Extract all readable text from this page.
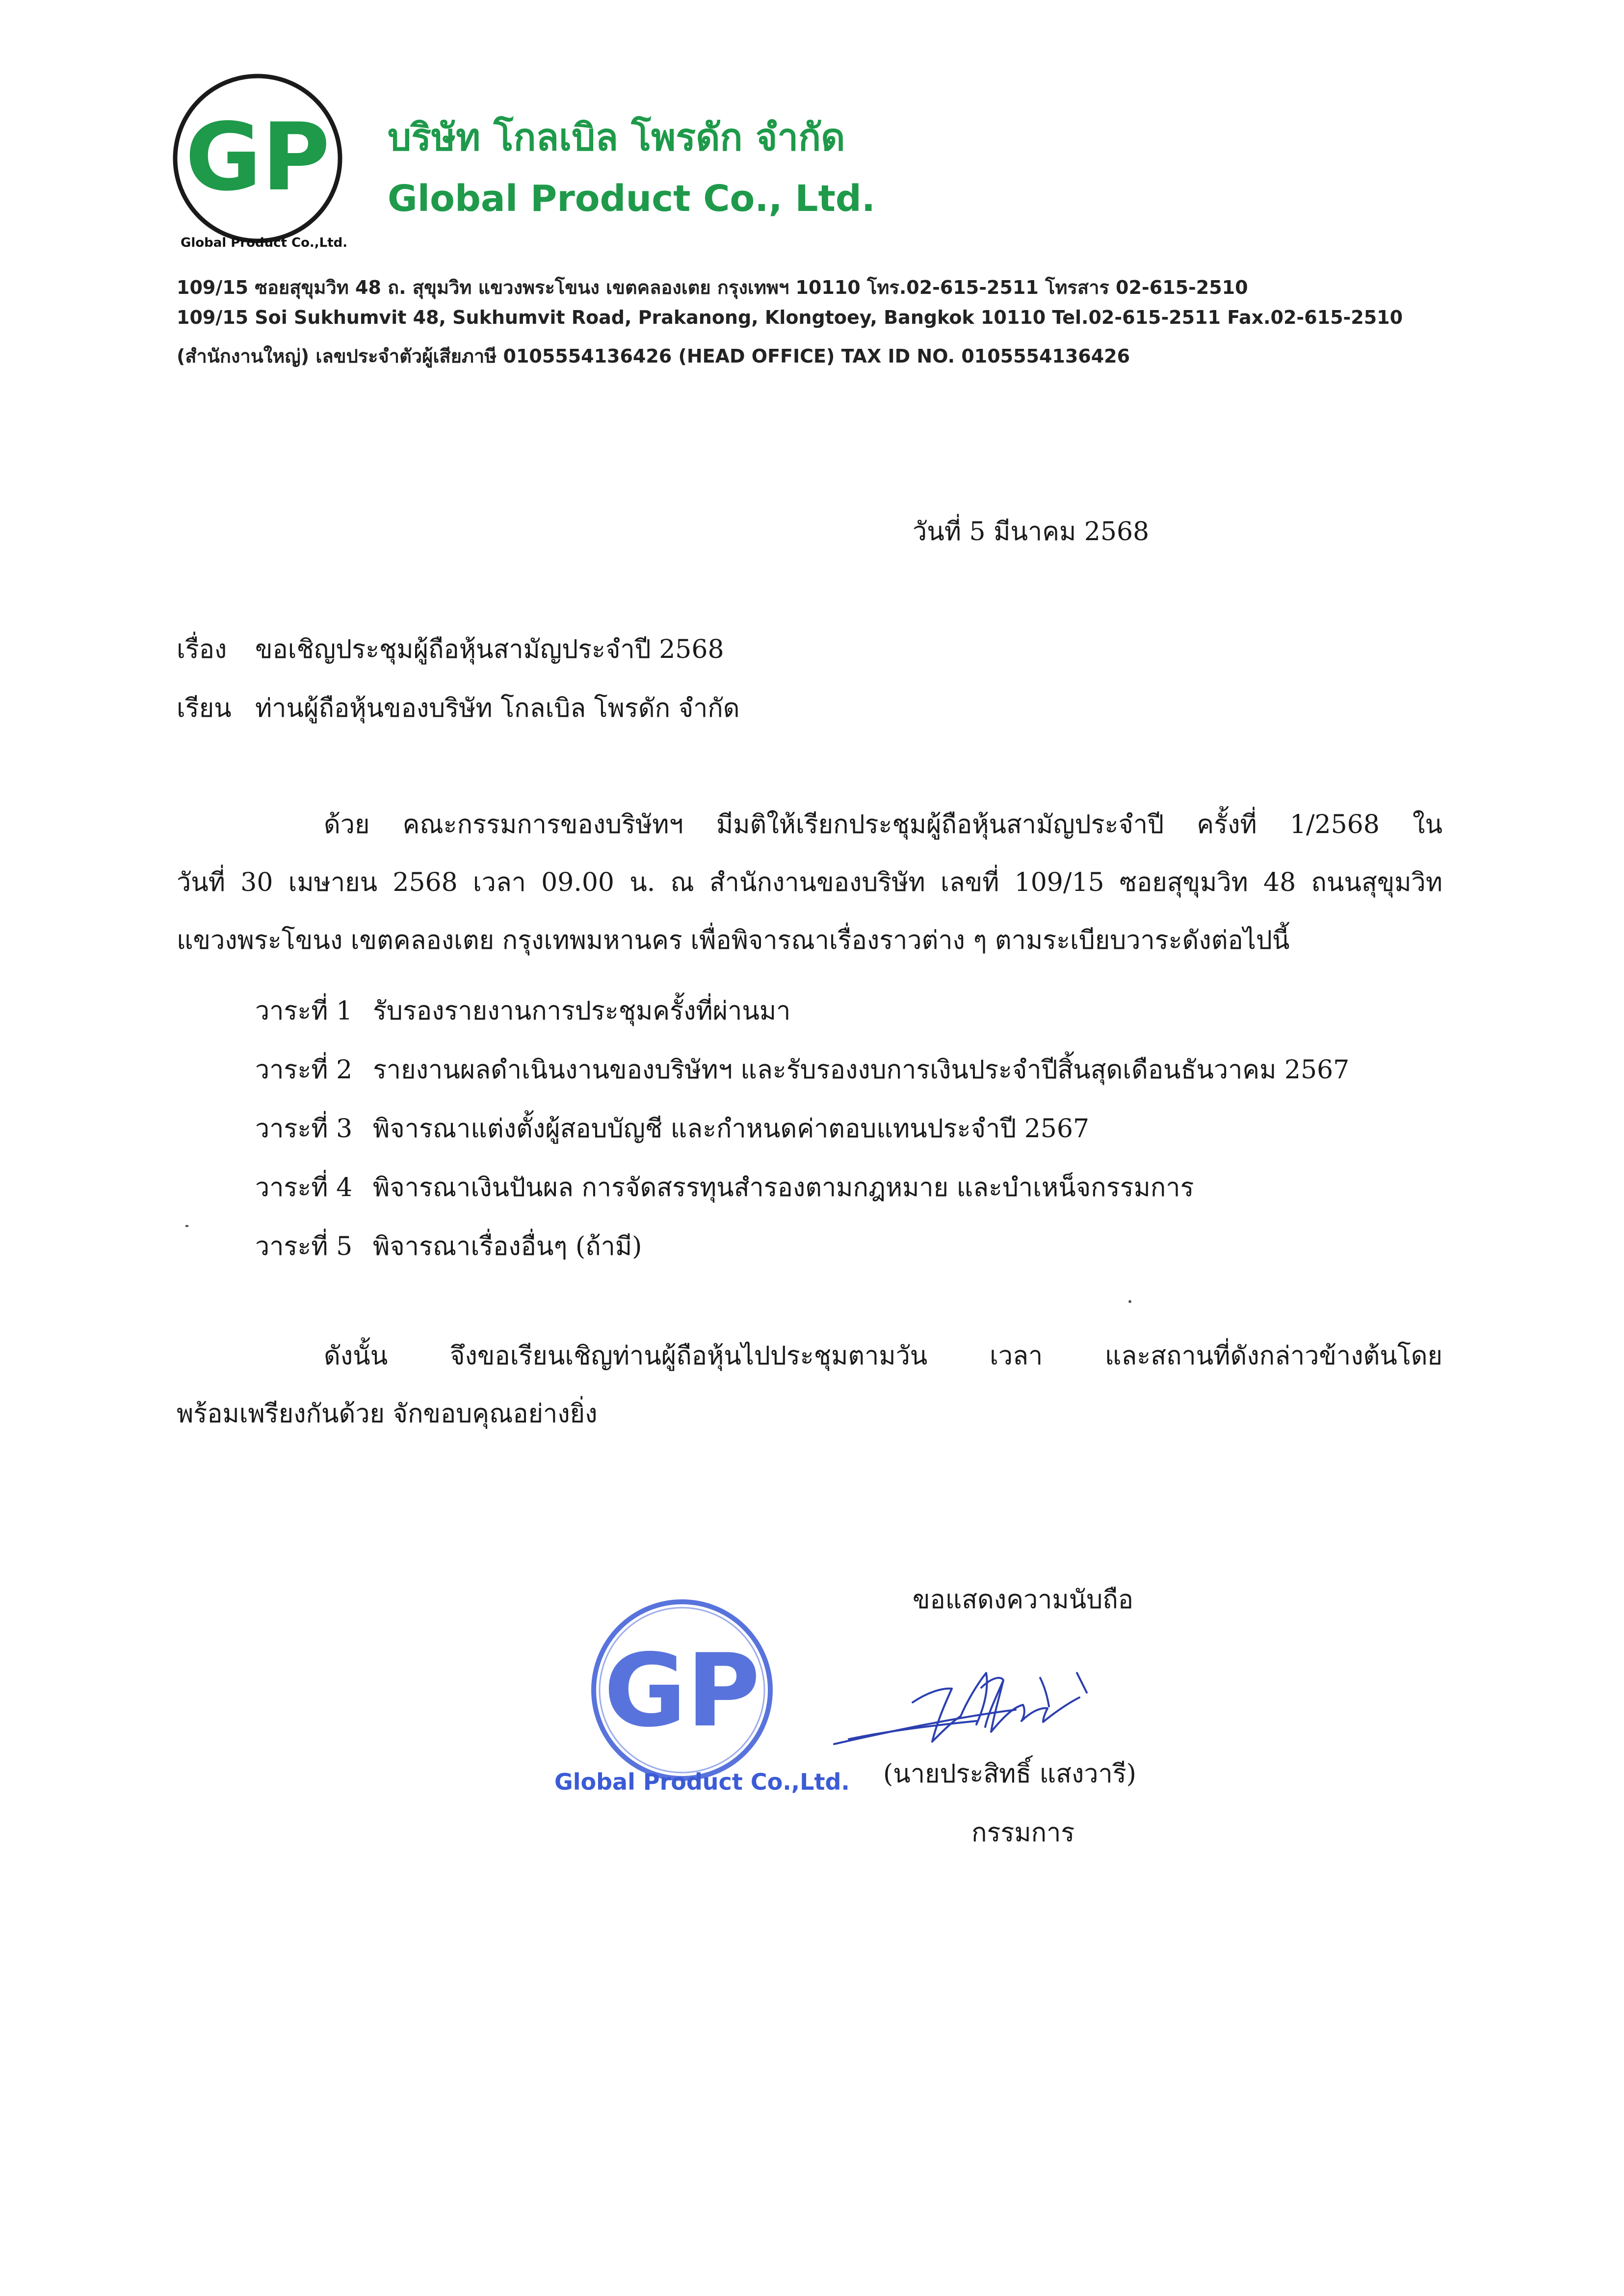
GP
Global Product Co.,Ltd.
บริษัท โกลเบิล โพรดัก จำกัด
Global Product Co., Ltd.
109/15 ซอยสุขุมวิท 48 ถ. สุขุมวิท แขวงพระโขนง เขตคลองเตย กรุงเทพฯ 10110 โทร.02-615-2511 โทรสาร 02-615-2510
109/15 Soi Sukhumvit 48, Sukhumvit Road, Prakanong, Klongtoey, Bangkok 10110 Tel.02-615-2511 Fax.02-615-2510
(สำนักงานใหญ่) เลขประจำตัวผู้เสียภาษี 0105554136426 (HEAD OFFICE) TAX ID NO. 0105554136426
วันที่ 5 มีนาคม 2568
เรื่อง ขอเชิญประชุมผู้ถือหุ้นสามัญประจำปี 2568
เรียน ท่านผู้ถือหุ้นของบริษัท โกลเบิล โพรดัก จำกัด
ด้วย คณะกรรมการของบริษัทฯ มีมติให้เรียกประชุมผู้ถือหุ้นสามัญประจำปี ครั้งที่ 1/2568 ใน
วันที่ 30 เมษายน 2568 เวลา 09.00 น. ณ สำนักงานของบริษัท เลขที่ 109/15 ซอยสุขุมวิท 48 ถนนสุขุมวิท
แขวงพระโขนง เขตคลองเตย กรุงเทพมหานคร เพื่อพิจารณาเรื่องราวต่าง ๆ ตามระเบียบวาระดังต่อไปนี้
วาระที่ 1 รับรองรายงานการประชุมครั้งที่ผ่านมา
วาระที่ 2 รายงานผลดำเนินงานของบริษัทฯ และรับรองงบการเงินประจำปีสิ้นสุดเดือนธันวาคม 2567
วาระที่ 3 พิจารณาแต่งตั้งผู้สอบบัญชี และกำหนดค่าตอบแทนประจำปี 2567
วาระที่ 4 พิจารณาเงินปันผล การจัดสรรทุนสำรองตามกฎหมาย และบำเหน็จกรรมการ
วาระที่ 5 พิจารณาเรื่องอื่นๆ (ถ้ามี)
ดังนั้น จึงขอเรียนเชิญท่านผู้ถือหุ้นไปประชุมตามวัน เวลา และสถานที่ดังกล่าวข้างต้นโดย
พร้อมเพรียงกันด้วย จักขอบคุณอย่างยิ่ง
ขอแสดงความนับถือ
(นายประสิทธิ์ แสงวารี)
กรรมการ
GP
Global Product Co.,Ltd.
